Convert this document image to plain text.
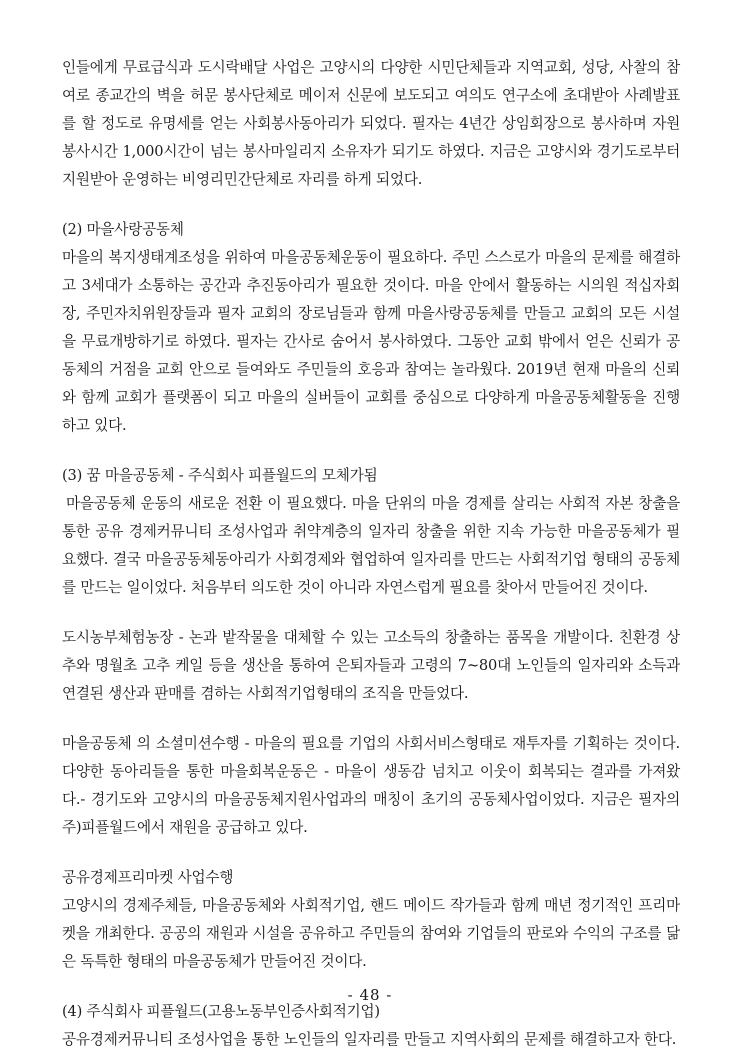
인들에게 무료급식과 도시락배달 사업은 고양시의 다양한 시민단체들과 지역교회, 성당, 사찰의 참여로 종교간의 벽을 허문 봉사단체로 메이저 신문에 보도되고 여의도 연구소에 초대받아 사례발표를 할 정도로 유명세를 얻는 사회봉사동아리가 되었다. 필자는 4년간 상임회장으로 봉사하며 자원봉사시간 1,000시간이 넘는 봉사마일리지 소유자가 되기도 하였다. 지금은 고양시와 경기도로부터 지원받아 운영하는 비영리민간단체로 자리를 하게 되었다.

(2) 마을사랑공동체

마을의 복지생태계조성을 위하여 마을공동체운동이 필요하다. 주민 스스로가 마을의 문제를 해결하고 3세대가 소통하는 공간과 추진동아리가 필요한 것이다. 마을 안에서 활동하는 시의원 적십자회장, 주민자치위원장들과 필자 교회의 장로님들과 함께 마을사랑공동체를 만들고 교회의 모든 시설을 무료개방하기로 하였다. 필자는 간사로 숨어서 봉사하였다. 그동안 교회 밖에서 얻은 신뢰가 공동체의 거점을 교회 안으로 들여와도 주민들의 호응과 참여는 놀라웠다. 2019년 현재 마을의 신뢰와 함께 교회가 플랫폼이 되고 마을의 실버들이 교회를 중심으로 다양하게 마을공동체활동을 진행하고 있다.

(3) 꿈 마을공동체 - 주식회사 피플월드의 모체가됨

마을공동체 운동의 새로운 전환 이 필요했다. 마을 단위의 마을 경제를 살리는 사회적 자본 창출을 통한 공유 경제커뮤니티 조성사업과 취약계층의 일자리 창출을 위한 지속 가능한 마을공동체가 필요했다. 결국 마을공동체동아리가 사회경제와 협업하여 일자리를 만드는 사회적기업 형태의 공동체를 만드는 일이었다. 처음부터 의도한 것이 아니라 자연스럽게 필요를 찾아서 만들어진 것이다.

도시농부체험농장 - 논과 밭작물을 대체할 수 있는 고소득의 창출하는 품목을 개발이다. 친환경 상추와 명월초 고추 케일 등을 생산을 통하여 은퇴자들과 고령의 7~80대 노인들의 일자리와 소득과 연결된 생산과 판매를 겸하는 사회적기업형태의 조직을 만들었다.

마을공동체 의 소셜미션수행 - 마을의 필요를 기업의 사회서비스형태로 재투자를 기획하는 것이다. 다양한 동아리들을 통한 마을회복운동은 - 마을이 생동감 넘치고 이웃이 회복되는 결과를 가져왔다.- 경기도와 고양시의 마을공동체지원사업과의 매칭이 초기의 공동체사업이었다. 지금은 필자의 주)피플월드에서 재원을 공급하고 있다.

공유경제프리마켓 사업수행

고양시의 경제주체들, 마을공동체와 사회적기업, 핸드 메이드 작가들과 함께 매년 정기적인 프리마켓을 개최한다. 공공의 재원과 시설을 공유하고 주민들의 참여와 기업들의 판로와 수익의 구조를 닮은 독특한 형태의 마을공동체가 만들어진 것이다.

(4) 주식회사 피플월드(고용노동부인증사회적기업)

공유경제커뮤니티 조성사업을 통한 노인들의 일자리를 만들고 지역사회의 문제를 해결하고자 한다.

- 48 -
